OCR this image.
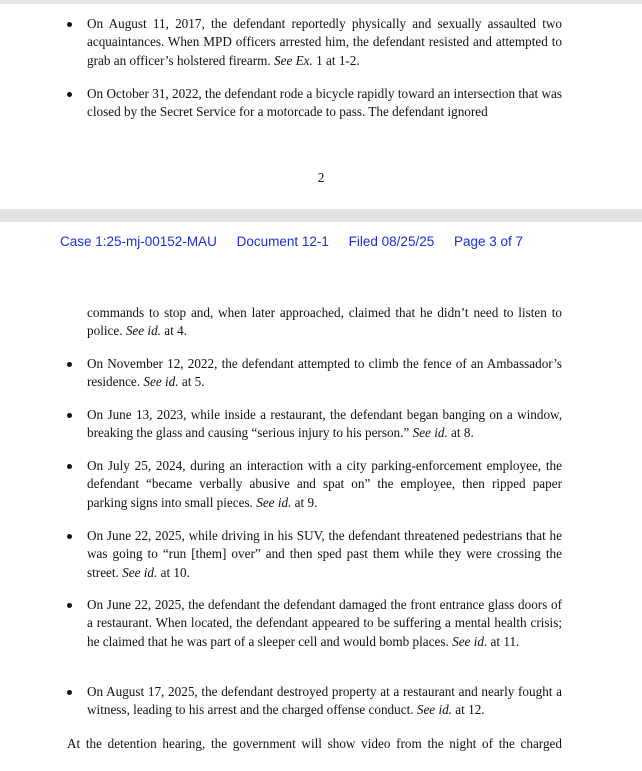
On August 11, 2017, the defendant reportedly physically and sexually assaulted two acquaintances. When MPD officers arrested him, the defendant resisted and attempted to grab an officer’s holstered firearm. See Ex. 1 at 1-2.
On October 31, 2022, the defendant rode a bicycle rapidly toward an intersection that was closed by the Secret Service for a motorcade to pass. The defendant ignored
2
Case 1:25-mj-00152-MAU Document 12-1 Filed 08/25/25 Page 3 of 7
commands to stop and, when later approached, claimed that he didn’t need to listen to police. See id. at 4.
On November 12, 2022, the defendant attempted to climb the fence of an Ambassador’s residence. See id. at 5.
On June 13, 2023, while inside a restaurant, the defendant began banging on a window, breaking the glass and causing “serious injury to his person.” See id. at 8.
On July 25, 2024, during an interaction with a city parking-enforcement employee, the defendant “became verbally abusive and spat on” the employee, then ripped paper parking signs into small pieces. See id. at 9.
On June 22, 2025, while driving in his SUV, the defendant threatened pedestrians that he was going to “run [them] over” and then sped past them while they were crossing the street. See id. at 10.
On June 22, 2025, the defendant the defendant damaged the front entrance glass doors of a restaurant. When located, the defendant appeared to be suffering a mental health crisis; he claimed that he was part of a sleeper cell and would bomb places. See id. at 11.
On August 17, 2025, the defendant destroyed property at a restaurant and nearly fought a witness, leading to his arrest and the charged offense conduct. See id. at 12.
At the detention hearing, the government will show video from the night of the charged
